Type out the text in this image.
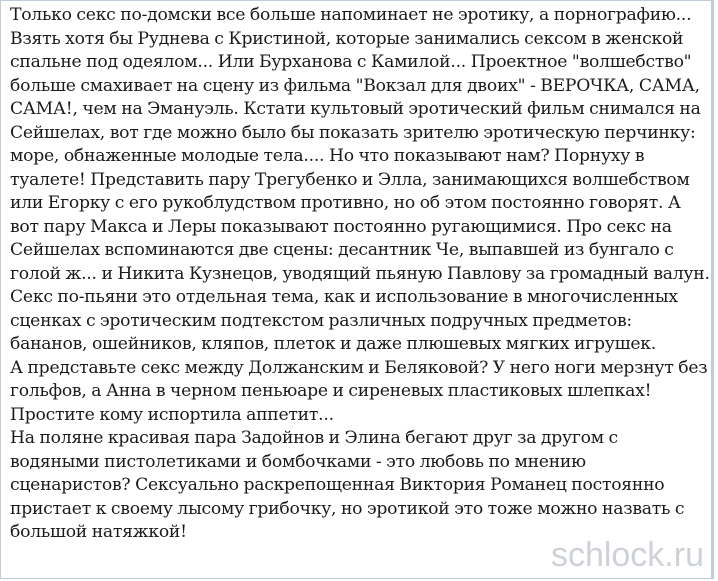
Только секс по-домски все больше напоминает не эротику, а порнографию... Взять хотя бы Руднева с Кристиной, которые занимались сексом в женской спальне под одеялом... Или Бурханова с Камилой... Проектное "волшебство" больше смахивает на сцену из фильма "Вокзал для двоих" - ВЕРОЧКА, САМА, САМА!, чем на Эмануэль. Кстати культовый эротический фильм снимался на Сейшелах, вот где можно было бы показать зрителю эротическую перчинку: море, обнаженные молодые тела.... Но что показывают нам? Порнуху в туалете! Представить пару Трегубенко и Элла, занимающихся волшебством или Егорку с его рукоблудством противно, но об этом постоянно говорят. А вот пару Макса и Леры показывают постоянно ругающимися. Про секс на Сейшелах вспоминаются две сцены: десантник Че, выпавшей из бунгало с голой ж... и Никита Кузнецов, уводящий пьяную Павлову за громадный валун. Секс по-пьяни это отдельная тема, как и использование в многочисленных сценках с эротическим подтекстом различных подручных предметов: бананов, ошейников, кляпов, плеток и даже плюшевых мягких игрушек.

А представьте секс между Должанским и Беляковой? У него ноги мерзнут без гольфов, а Анна в черном пеньюаре и сиреневых пластиковых шлепках! Простите кому испортила аппетит...

На поляне красивая пара Задойнов и Элина бегают друг за другом с водяными пистолетиками и бомбочками - это любовь по мнению сценаристов? Сексуально раскрепощенная Виктория Романец постоянно пристает к своему лысому грибочку, но эротикой это тоже можно назвать с большой натяжкой!

schlock.ru
